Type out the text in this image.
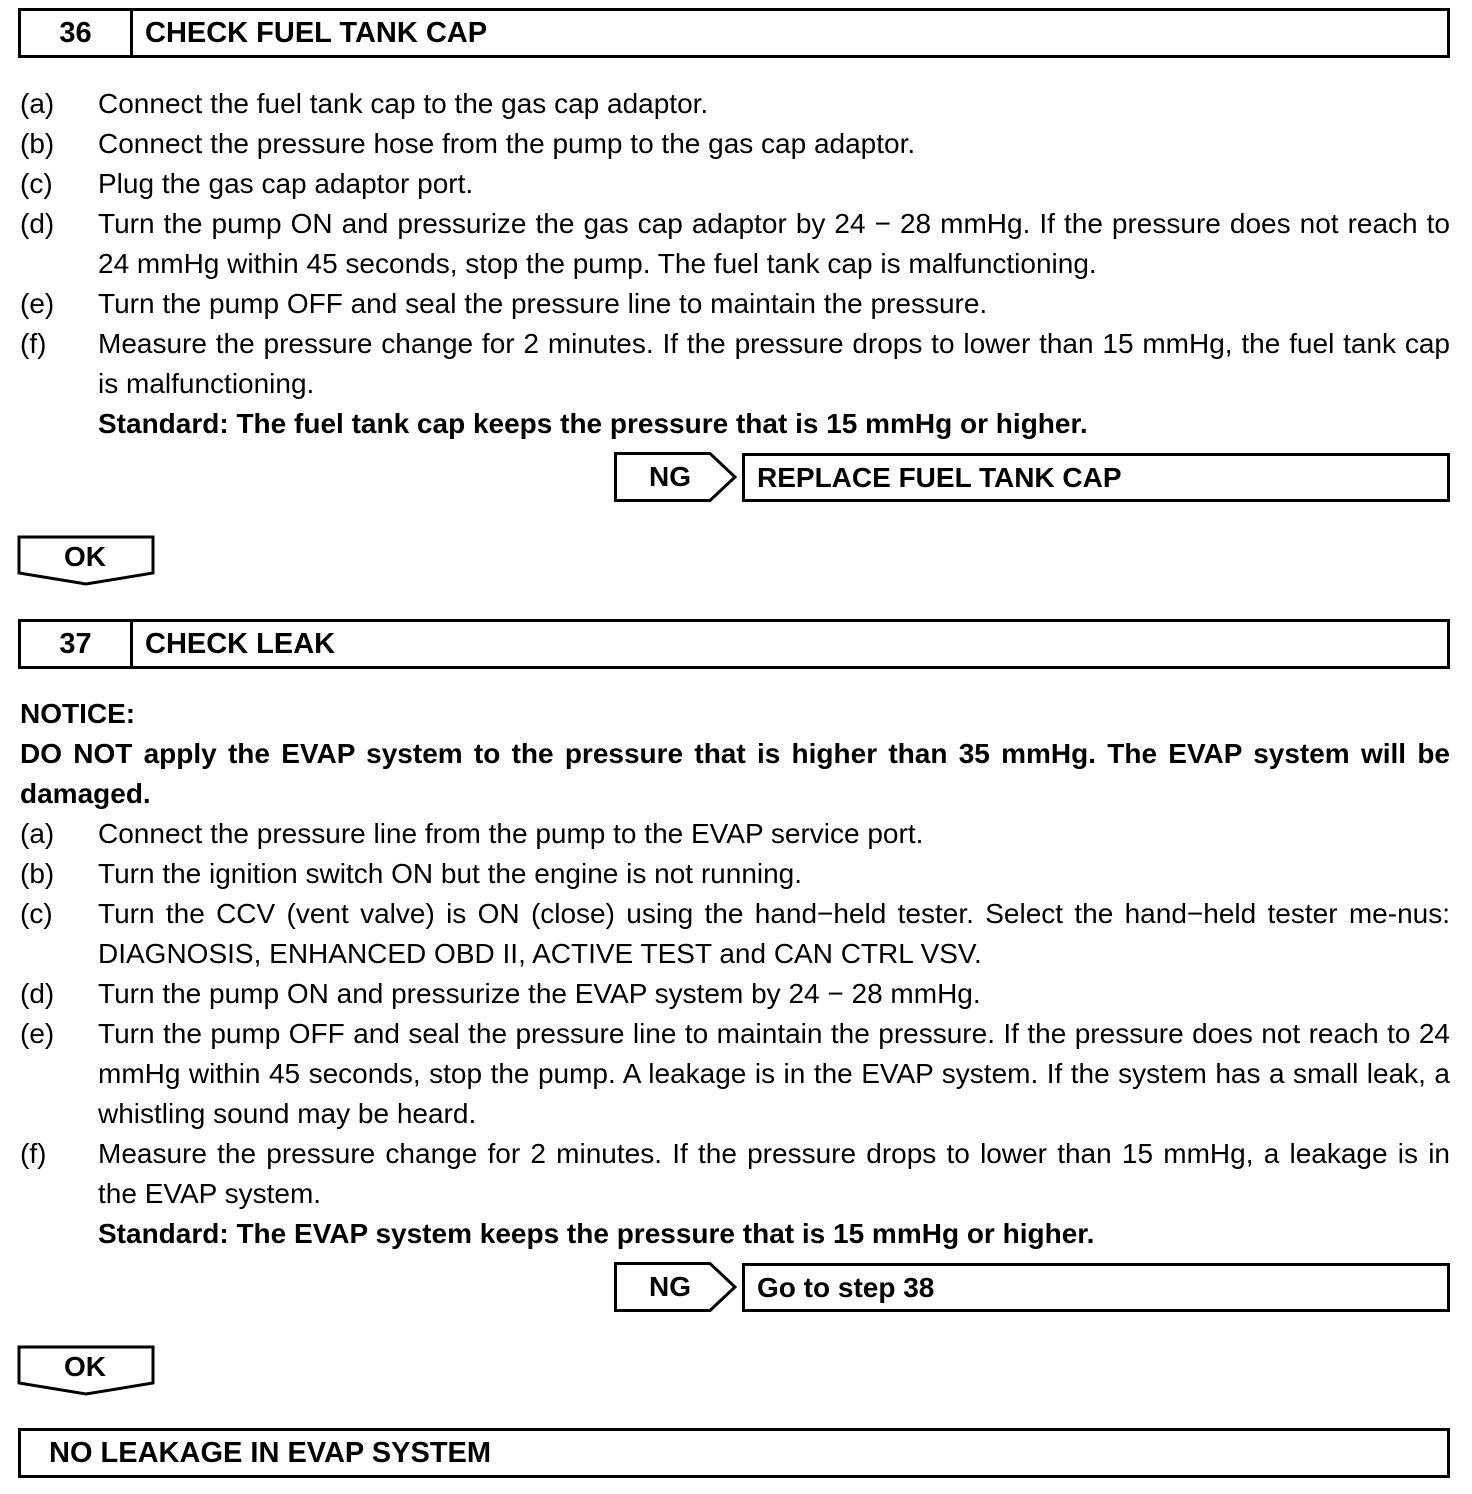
36	CHECK FUEL TANK CAP
(a)	Connect the fuel tank cap to the gas cap adaptor.
(b)	Connect the pressure hose from the pump to the gas cap adaptor.
(c)	Plug the gas cap adaptor port.
(d)	Turn the pump ON and pressurize the gas cap adaptor by 24 − 28 mmHg. If the pressure does not reach to 24 mmHg within 45 seconds, stop the pump. The fuel tank cap is malfunctioning.
(e)	Turn the pump OFF and seal the pressure line to maintain the pressure.
(f)	Measure the pressure change for 2 minutes. If the pressure drops to lower than 15 mmHg, the fuel tank cap is malfunctioning.
Standard: The fuel tank cap keeps the pressure that is 15 mmHg or higher.
NG	REPLACE FUEL TANK CAP
OK
37	CHECK LEAK
NOTICE:
DO NOT apply the EVAP system to the pressure that is higher than 35 mmHg. The EVAP system will be damaged.
(a)	Connect the pressure line from the pump to the EVAP service port.
(b)	Turn the ignition switch ON but the engine is not running.
(c)	Turn the CCV (vent valve) is ON (close) using the hand−held tester. Select the hand−held tester me-nus: DIAGNOSIS, ENHANCED OBD II, ACTIVE TEST and CAN CTRL VSV.
(d)	Turn the pump ON and pressurize the EVAP system by 24 − 28 mmHg.
(e)	Turn the pump OFF and seal the pressure line to maintain the pressure. If the pressure does not reach to 24 mmHg within 45 seconds, stop the pump. A leakage is in the EVAP system. If the system has a small leak, a whistling sound may be heard.
(f)	Measure the pressure change for 2 minutes. If the pressure drops to lower than 15 mmHg, a leakage is in the EVAP system.
Standard: The EVAP system keeps the pressure that is 15 mmHg or higher.
NG	Go to step 38
OK
NO LEAKAGE IN EVAP SYSTEM
